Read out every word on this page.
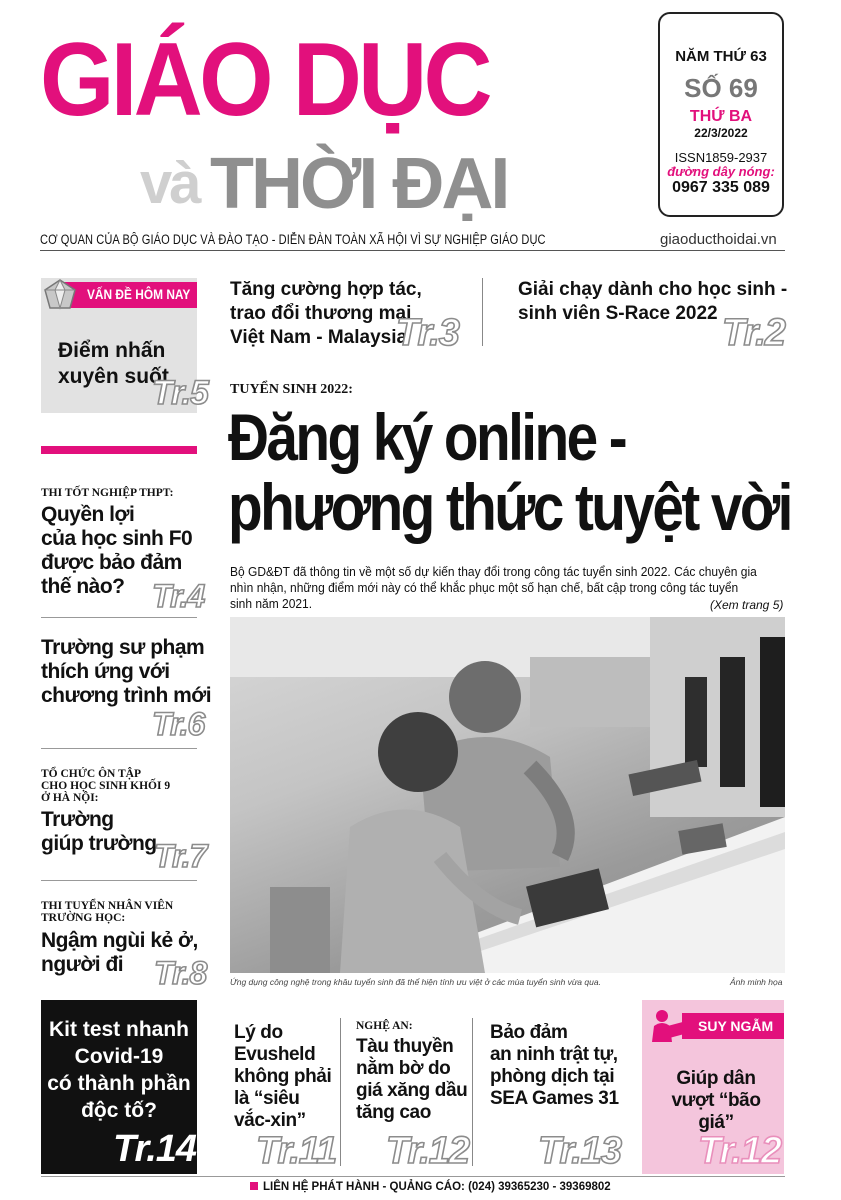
GIÁO DỤC
và THỜI ĐẠI
NĂM THỨ 63
SỐ 69
THỨ BA
22/3/2022
ISSN1859-2937
đường dây nóng:
0967 335 089
CƠ QUAN CỦA BỘ GIÁO DỤC VÀ ĐÀO TẠO - DIỄN ĐÀN TOÀN XÃ HỘI VÌ SỰ NGHIỆP GIÁO DỤC	giaoducthoidai.vn
VẤN ĐỀ HÔM NAY
Điểm nhấn
xuyên suốt
Tr.5
THI TỐT NGHIỆP THPT:
Quyền lợi
của học sinh F0
được bảo đảm
thế nào? Tr.4
Trường sư phạm
thích ứng với
chương trình mới
Tr.6
TỔ CHỨC ÔN TẬP
CHO HỌC SINH KHỐI 9
Ở HÀ NỘI:
Trường
giúp trường
Tr.7
THI TUYỂN NHÂN VIÊN
TRƯỜNG HỌC:
Ngậm ngùi kẻ ở,
người đi Tr.8
Tăng cường hợp tác,
trao đổi thương mại
Việt Nam - Malaysia
Tr.3
Giải chạy dành cho học sinh -
sinh viên S-Race 2022 Tr.2
TUYỂN SINH 2022:
Đăng ký online -
phương thức tuyệt vời
Bộ GD&ĐT đã thông tin về một số dự kiến thay đổi trong công tác tuyển sinh 2022. Các chuyên gia nhìn nhận, những điểm mới này có thể khắc phục một số hạn chế, bất cập trong công tác tuyển sinh năm 2021.	(Xem trang 5)
Ứng dụng công nghệ trong khâu tuyển sinh đã thể hiện tính ưu việt ở các mùa tuyển sinh vừa qua.	Ảnh minh họa
Kit test nhanh
Covid-19
có thành phần
độc tố?
Tr.14
Lý do
Evusheld
không phải
là “siêu
vắc-xin”
Tr.11
NGHỆ AN:
Tàu thuyền
nằm bờ do
giá xăng dầu
tăng cao
Tr.12
Bảo đảm
an ninh trật tự,
phòng dịch tại
SEA Games 31
Tr.13
SUY NGẪM
Giúp dân
vượt “bão giá”
Tr.12
LIÊN HỆ PHÁT HÀNH - QUẢNG CÁO: (024) 39365230 - 39369802
